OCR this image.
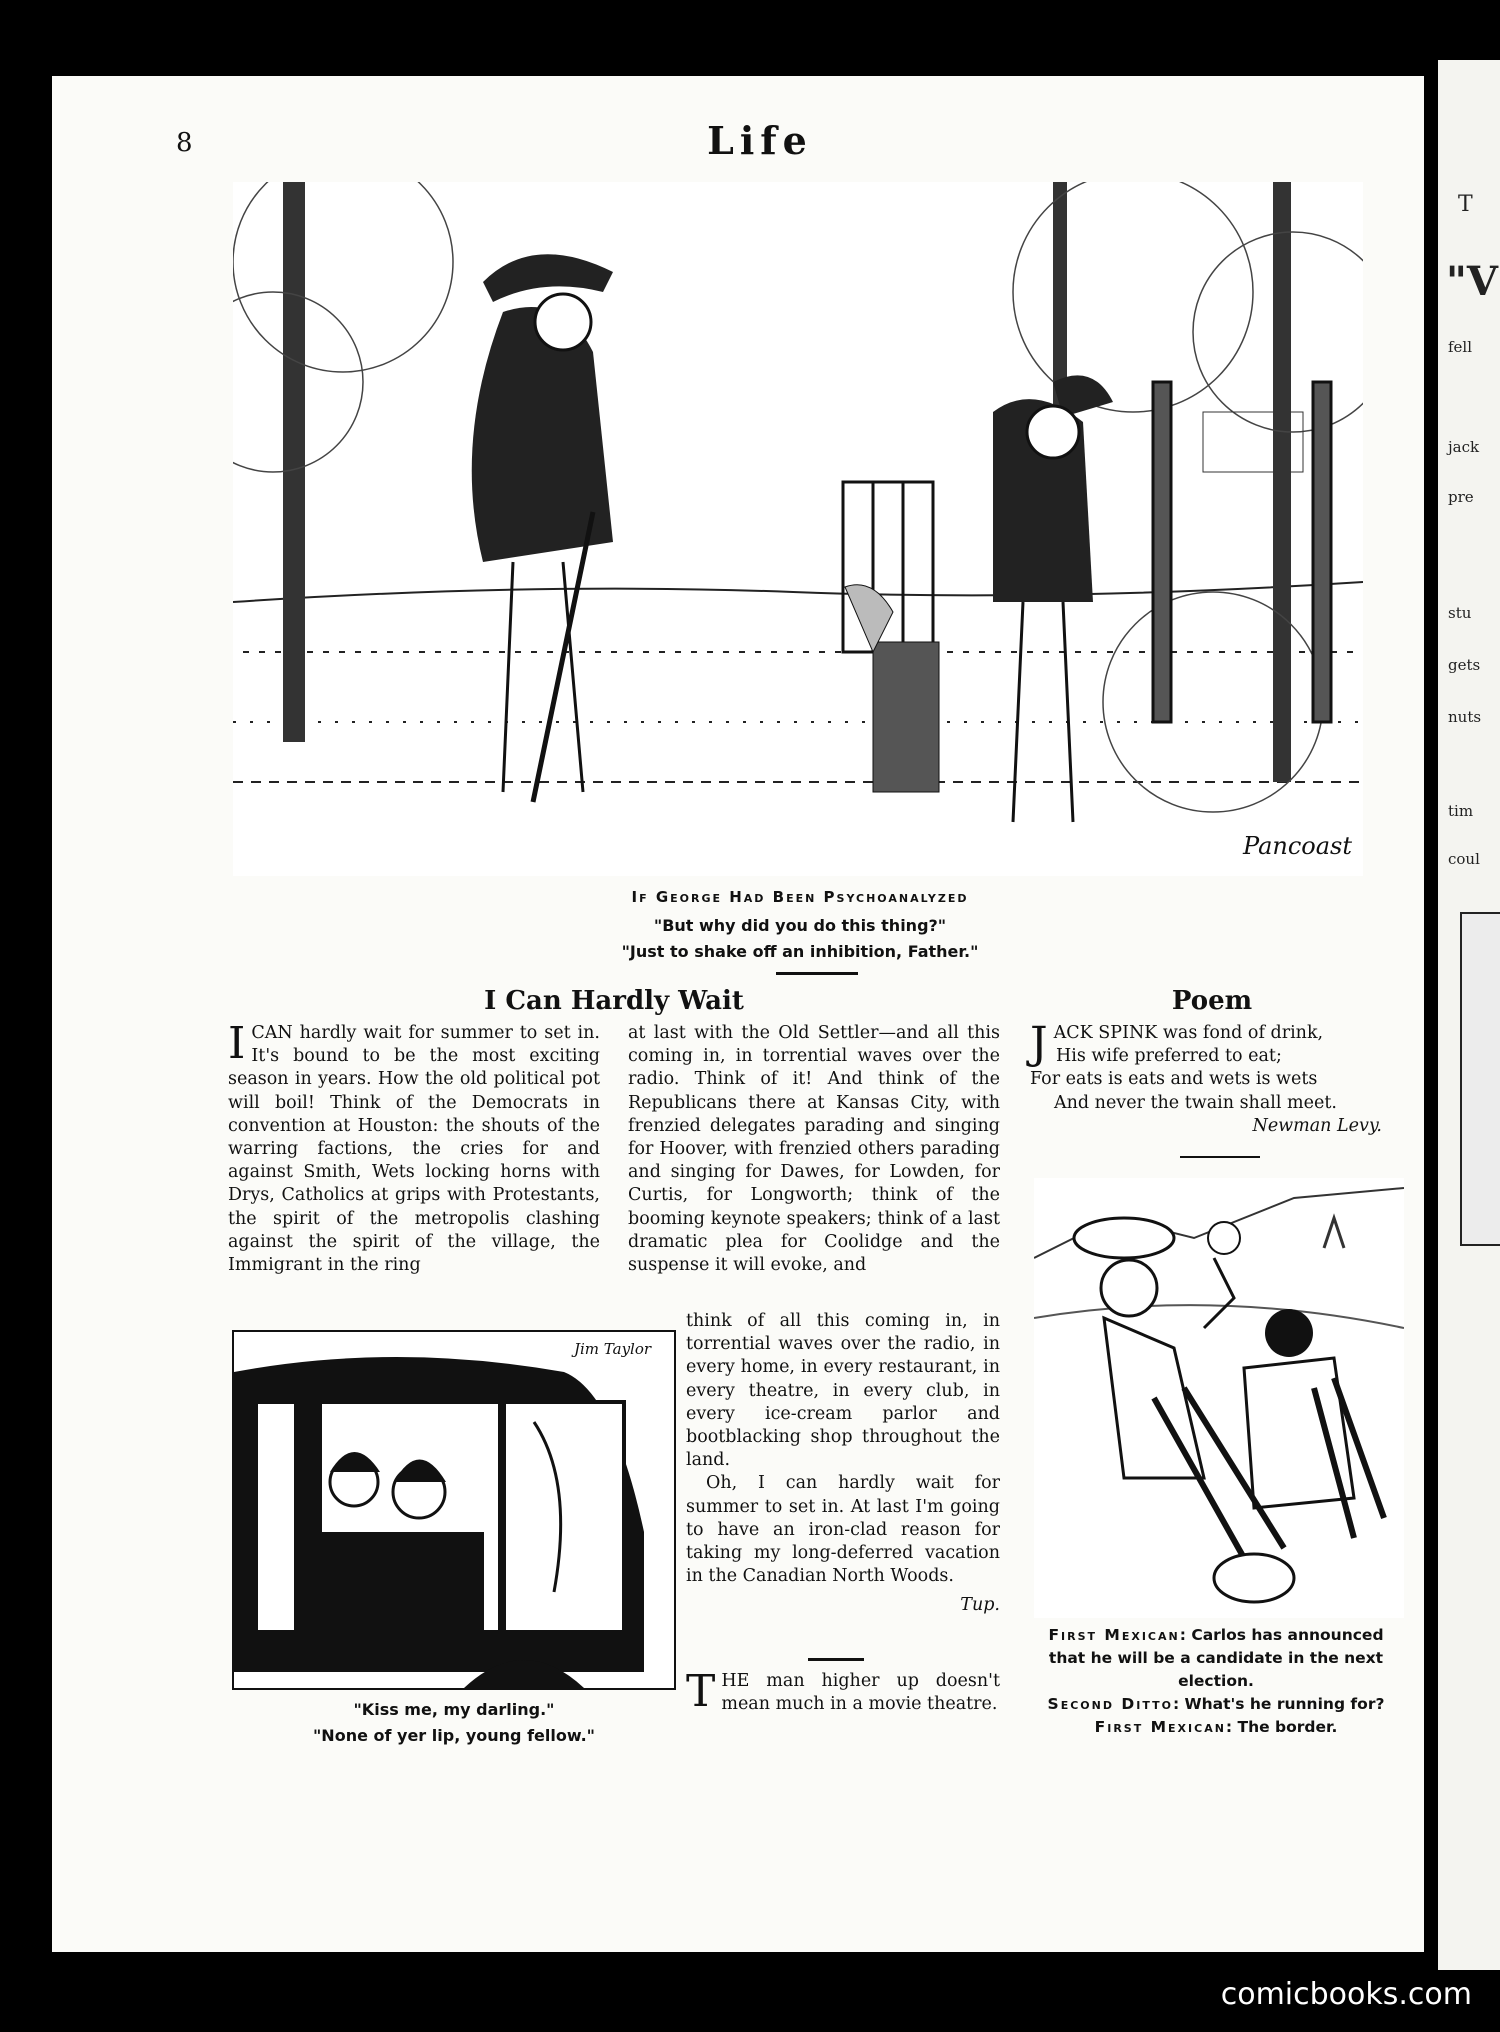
T
"V
fell
jack
pre
stu
gets
nuts
tim
coul
8	Life
Pancoast
If George Had Been Psychoanalyzed
"But why did you do this thing?"
"Just to shake off an inhibition, Father."
I Can Hardly Wait

ICAN hardly wait for summer to set in. It's bound to be the most exciting season in years. How the old political pot will boil! Think of the Democrats in convention at Houston: the shouts of the warring factions, the cries for and against Smith, Wets locking horns with Drys, Catholics at grips with Protestants, the spirit of the metropolis clashing against the spirit of the village, the Immigrant in the ring

at last with the Old Settler—and all this coming in, in torrential waves over the radio. Think of it! And think of the Republicans there at Kansas City, with frenzied delegates parading and singing for Hoover, with frenzied others parading and singing for Dawes, for Lowden, for Curtis, for Longworth; think of the booming keynote speakers; think of a last dramatic plea for Coolidge and the suspense it will evoke, and

think of all this coming in, in torrential waves over the radio, in every home, in every restaurant, in every theatre, in every club, in every ice-cream parlor and bootblacking shop throughout the land.

Oh, I can hardly wait for summer to set in. At last I'm going to have an iron-clad reason for taking my long-deferred vacation in the Canadian North Woods.

Tup.

THE man higher up doesn't mean much in a movie theatre.

Jim Taylor
"Kiss me, my darling."
"None of yer lip, young fellow."
Poem

JACK SPINK was fond of drink,

His wife preferred to eat;

For eats is eats and wets is wets

And never the twain shall meet.

Newman Levy.

First Mexican: Carlos has announced that he will be a candidate in the next election.
Second Ditto: What's he running for?
First Mexican: The border.
comicbooks.com
